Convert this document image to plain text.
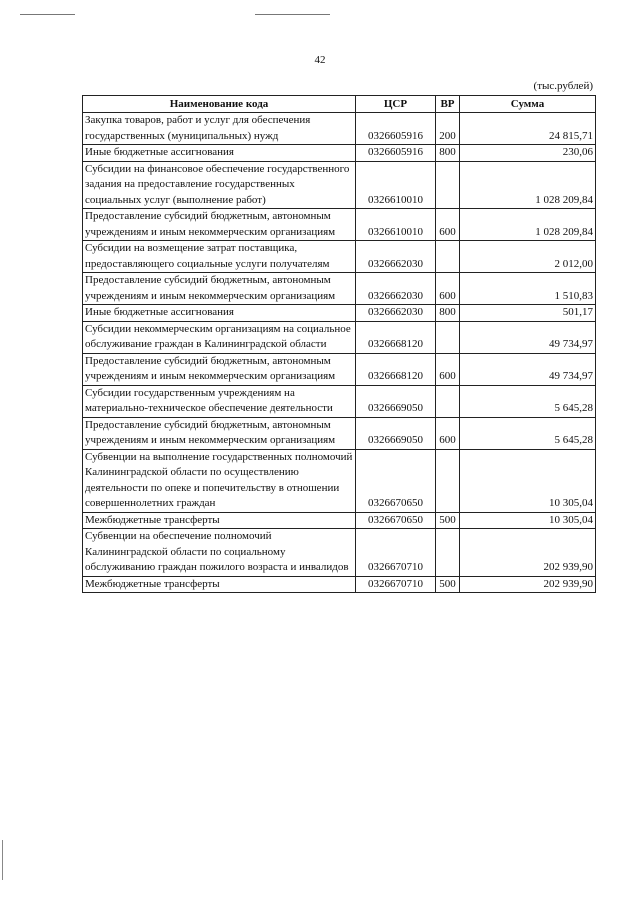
42
(тыс.рублей)
Наименование кода	ЦСР	ВР	Сумма
Закупка товаров, работ и услуг для обеспечения государственных (муниципальных) нужд	0326605916	200	24 815,71
Иные бюджетные ассигнования	0326605916	800	230,06
Субсидии на финансовое обеспечение государственного задания на предоставление государственных социальных услуг (выполнение работ)	0326610010		1 028 209,84
Предоставление субсидий бюджетным, автономным учреждениям и иным некоммерческим организациям	0326610010	600	1 028 209,84
Субсидии на возмещение затрат поставщика, предоставляющего социальные услуги получателям	0326662030		2 012,00
Предоставление субсидий бюджетным, автономным учреждениям и иным некоммерческим организациям	0326662030	600	1 510,83
Иные бюджетные ассигнования	0326662030	800	501,17
Субсидии некоммерческим организациям на социальное обслуживание граждан в Калининградской области	0326668120		49 734,97
Предоставление субсидий бюджетным, автономным учреждениям и иным некоммерческим организациям	0326668120	600	49 734,97
Субсидии государственным учреждениям на материально-техническое обеспечение деятельности	0326669050		5 645,28
Предоставление субсидий бюджетным, автономным учреждениям и иным некоммерческим организациям	0326669050	600	5 645,28
Субвенции на выполнение государственных полномочий Калининградской области по осуществлению деятельности по опеке и попечительству в отношении совершеннолетних граждан	0326670650		10 305,04
Межбюджетные трансферты	0326670650	500	10 305,04
Субвенции на обеспечение полномочий Калининградской области по социальному обслуживанию граждан пожилого возраста и инвалидов	0326670710		202 939,90
Межбюджетные трансферты	0326670710	500	202 939,90
